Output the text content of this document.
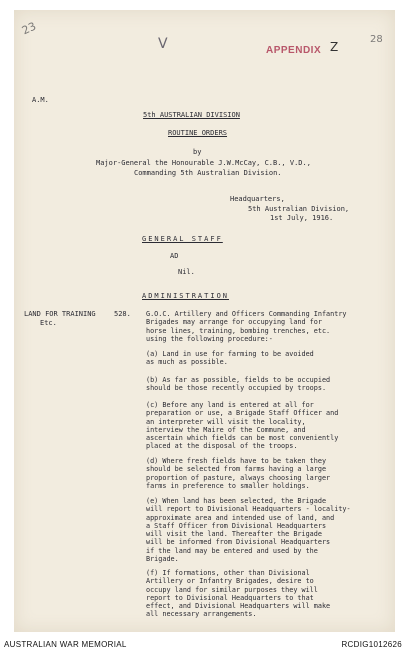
23
28
V	APPENDIX Z
A.M.
5th AUSTRALIAN DIVISION
ROUTINE ORDERS
by
Major-General the Honourable J.W.McCay, C.B., V.D.,
Commanding 5th Australian Division.
Headquarters,
5th Australian Division,
1st July, 1916.
GENERAL STAFF
AD
Nil.
ADMINISTRATION
LAND FOR TRAINING
Etc.
528. G.O.C. Artillery and Officers Commanding Infantry
Brigades may arrange for occupying land for
horse lines, training, bombing trenches, etc.
using the following procedure:-
(a) Land in use for farming to be avoided
as much as possible.
(b) As far as possible, fields to be occupied
should be those recently occupied by troops.
(c) Before any land is entered at all for
preparation or use, a Brigade Staff Officer and
an interpreter will visit the locality,
interview the Maire of the Commune, and
ascertain which fields can be most conveniently
placed at the disposal of the troops.
(d) Where fresh fields have to be taken they
should be selected from farms having a large
proportion of pasture, always choosing larger
farms in preference to smaller holdings.
(e) When land has been selected, the Brigade
will report to Divisional Headquarters - locality-
approximate area and intended use of land, and
a Staff Officer from Divisional Headquarters
will visit the land. Thereafter the Brigade
will be informed from Divisional Headquarters
if the land may be entered and used by the
Brigade.
(f) If formations, other than Divisional
Artillery or Infantry Brigades, desire to
occupy land for similar purposes they will
report to Divisional Headquarters to that
effect, and Divisional Headquarters will make
all necessary arrangements.
AUSTRALIAN WAR MEMORIAL	RCDIG1012626
